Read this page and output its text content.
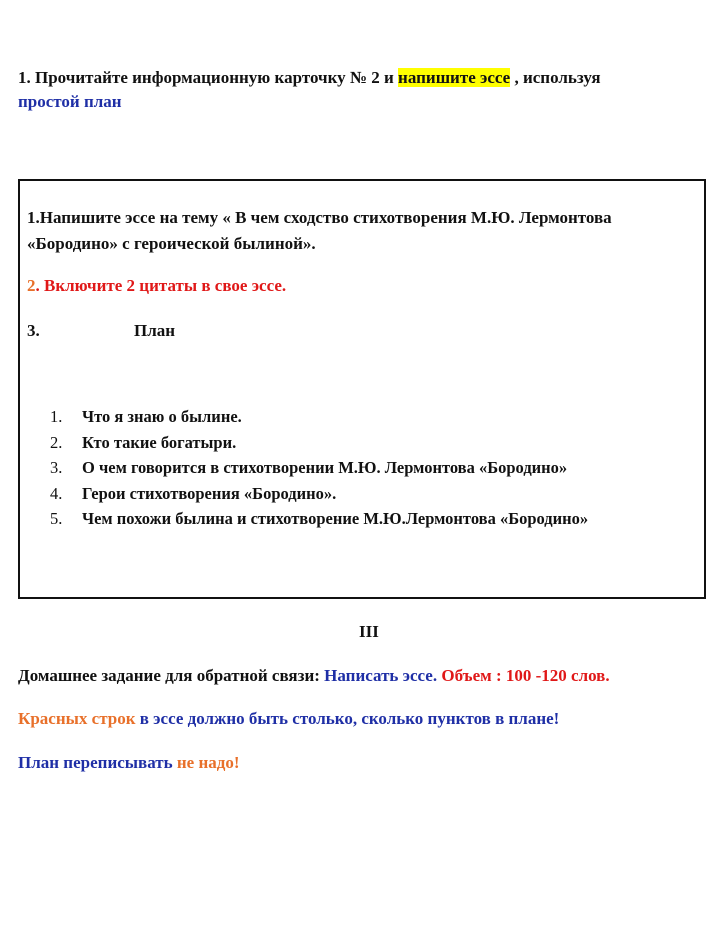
1. Прочитайте информационную карточку № 2 и напишите эссе , используя

простой план

1.Напишите эссе на тему « В чем сходство стихотворения М.Ю. Лермонтова

«Бородино» с героической былиной».

2. Включите 2 цитаты в свое эссе.

3.	План

1. Что я знаю о былине.
2. Кто такие богатыри.
3. О чем говорится в стихотворении М.Ю. Лермонтова «Бородино»
4. Герои стихотворения «Бородино».
5. Чем похожи былина и стихотворение М.Ю.Лермонтова «Бородино»

III

Домашнее задание для обратной связи: Написать эссе. Объем : 100 -120 слов.

Красных строк в эссе должно быть столько, сколько пунктов в плане!

План переписывать не надо!
